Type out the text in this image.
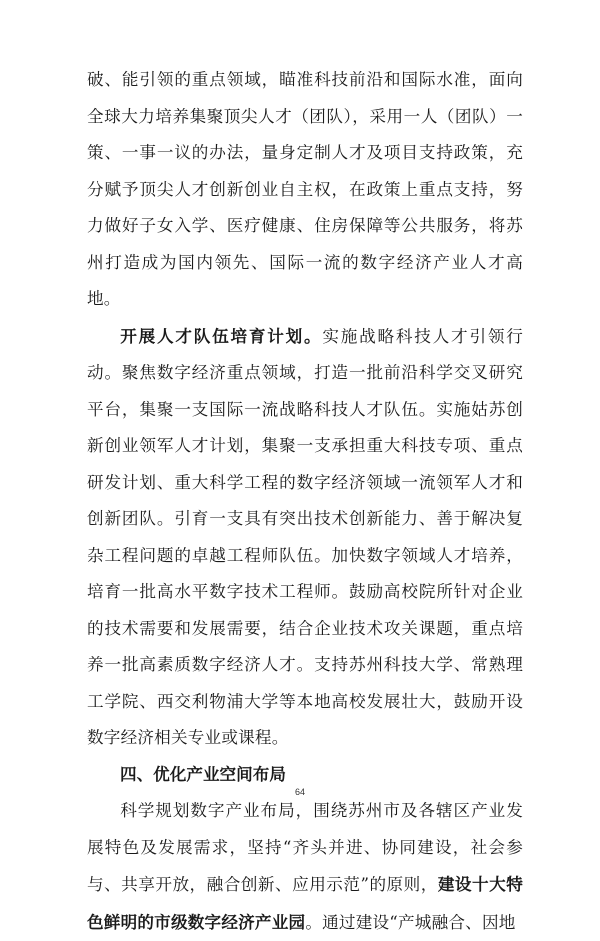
破、能引领的重点领域，瞄准科技前沿和国际水准，面向全球大力培养集聚顶尖人才（团队），采用一人（团队）一策、一事一议的办法，量身定制人才及项目支持政策，充分赋予顶尖人才创新创业自主权，在政策上重点支持，努力做好子女入学、医疗健康、住房保障等公共服务，将苏州打造成为国内领先、国际一流的数字经济产业人才高地。

开展人才队伍培育计划。实施战略科技人才引领行动。聚焦数字经济重点领域，打造一批前沿科学交叉研究平台，集聚一支国际一流战略科技人才队伍。实施姑苏创新创业领军人才计划，集聚一支承担重大科技专项、重点研发计划、重大科学工程的数字经济领域一流领军人才和创新团队。引育一支具有突出技术创新能力、善于解决复杂工程问题的卓越工程师队伍。加快数字领域人才培养，培育一批高水平数字技术工程师。鼓励高校院所针对企业的技术需要和发展需要，结合企业技术攻关课题，重点培养一批高素质数字经济人才。支持苏州科技大学、常熟理工学院、西交利物浦大学等本地高校发展壮大，鼓励开设数字经济相关专业或课程。

四、优化产业空间布局

科学规划数字产业布局，围绕苏州市及各辖区产业发展特色及发展需求，坚持“齐头并进、协同建设，社会参与、共享开放，融合创新、应用示范”的原则，建设十大特色鲜明的市级数字经济产业园。通过建设“产城融合、因地

64
